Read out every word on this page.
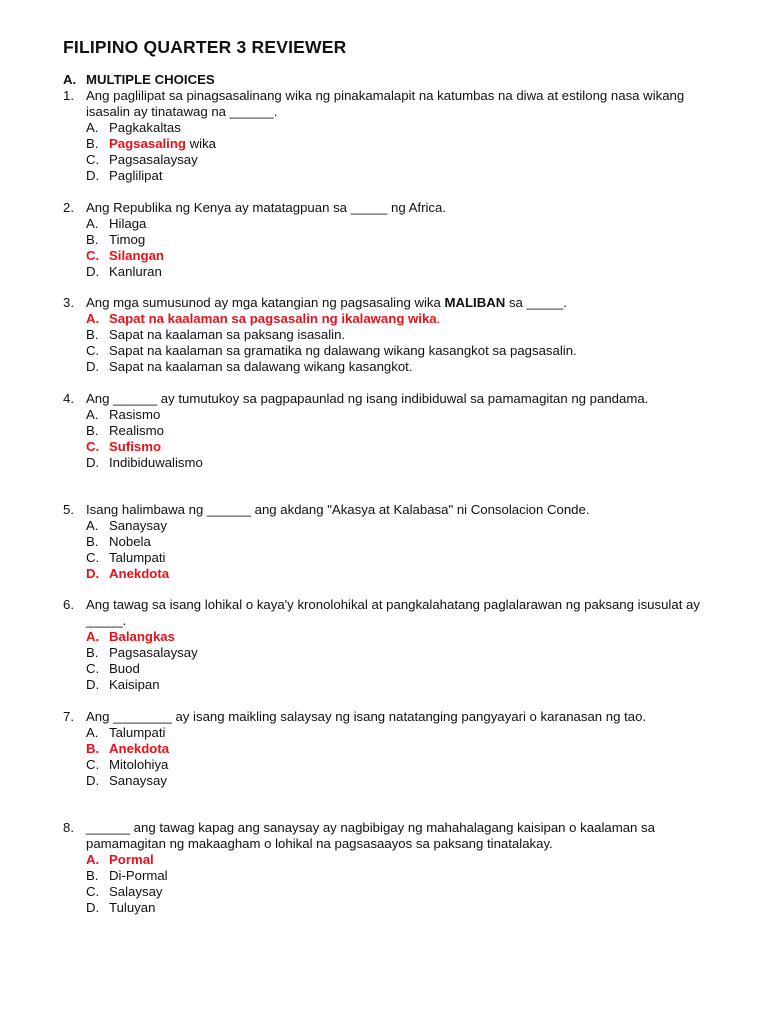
FILIPINO QUARTER 3 REVIEWER
A. MULTIPLE CHOICES
1. Ang paglilipat sa pinagsasalinang wika ng pinakamalapit na katumbas na diwa at estilong nasa wikang isasalin ay tinatawag na ______.
A. Pagkakaltas
B. Pagsasaling wika
C. Pagsasalaysay
D. Paglilipat
2. Ang Republika ng Kenya ay matatagpuan sa _____ ng Africa.
A. Hilaga
B. Timog
C. Silangan
D. Kanluran
3. Ang mga sumusunod ay mga katangian ng pagsasaling wika MALIBAN sa _____.
A. Sapat na kaalaman sa pagsasalin ng ikalawang wika.
B. Sapat na kaalaman sa paksang isasalin.
C. Sapat na kaalaman sa gramatika ng dalawang wikang kasangkot sa pagsasalin.
D. Sapat na kaalaman sa dalawang wikang kasangkot.
4. Ang ______ ay tumutukoy sa pagpapaunlad ng isang indibiduwal sa pamamagitan ng pandama.
A. Rasismo
B. Realismo
C. Sufismo
D. Indibiduwalismo
5. Isang halimbawa ng ______ ang akdang "Akasya at Kalabasa" ni Consolacion Conde.
A. Sanaysay
B. Nobela
C. Talumpati
D. Anekdota
6. Ang tawag sa isang lohikal o kaya'y kronolohikal at pangkalahatang paglalarawan ng paksang isusulat ay _____.
A. Balangkas
B. Pagsasalaysay
C. Buod
D. Kaisipan
7. Ang ________ ay isang maikling salaysay ng isang natatanging pangyayari o karanasan ng tao.
A. Talumpati
B. Anekdota
C. Mitolohiya
D. Sanaysay
8. ______ ang tawag kapag ang sanaysay ay nagbibigay ng mahahalagang kaisipan o kaalaman sa pamamagitan ng makaagham o lohikal na pagsasaayos sa paksang tinatalakay.
A. Pormal
B. Di-Pormal
C. Salaysay
D. Tuluyan
